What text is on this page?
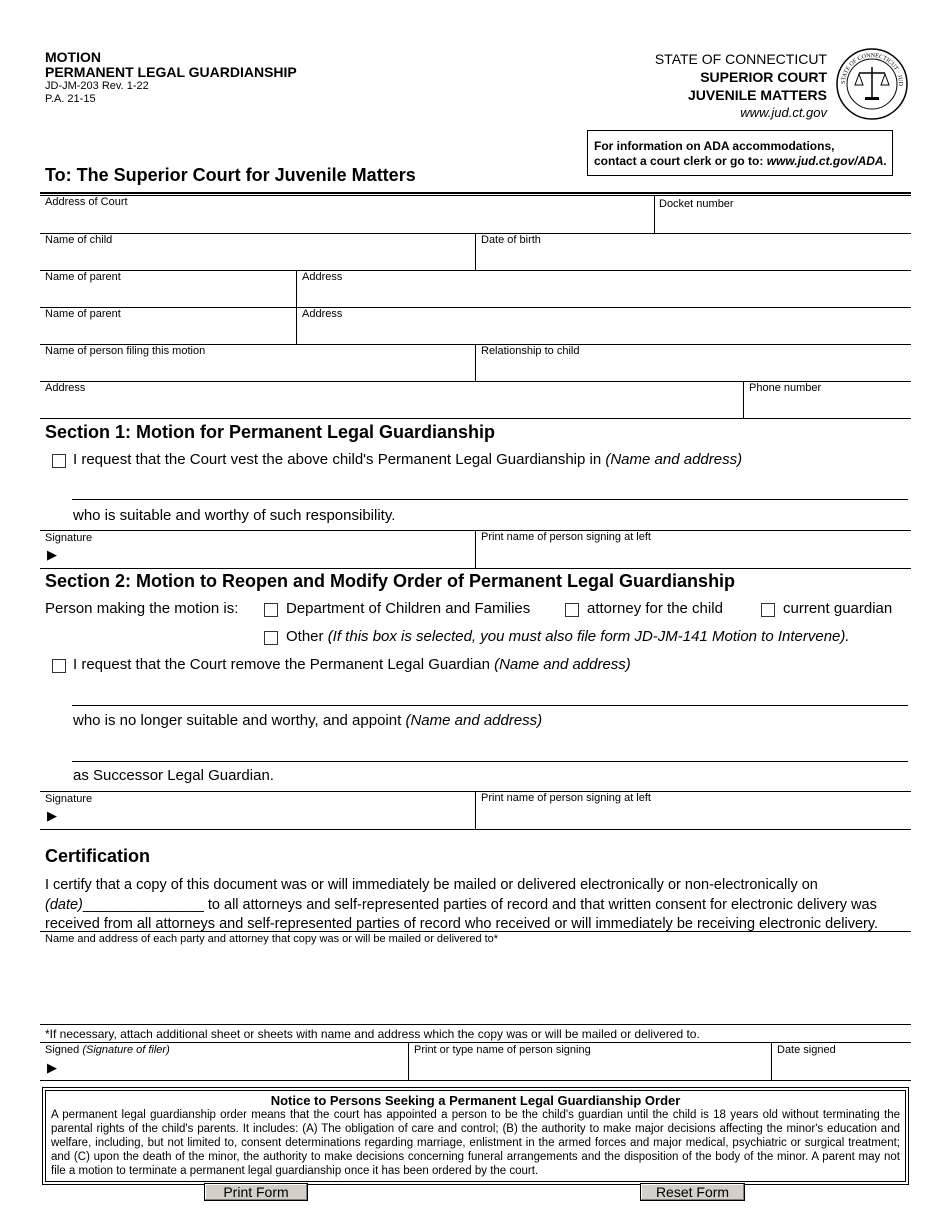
MOTION
PERMANENT LEGAL GUARDIANSHIP
JD-JM-203 Rev. 1-22
P.A. 21-15
STATE OF CONNECTICUT
SUPERIOR COURT
JUVENILE MATTERS
www.jud.ct.gov
STATE OF CONNECTICUT · JUD
For information on ADA accommodations,
contact a court clerk or go to: www.jud.ct.gov/ADA.
To: The Superior Court for Juvenile Matters
Address of Court	Docket number
Name of child	Date of birth
Name of parent	Address
Name of parent	Address
Name of person filing this motion	Relationship to child
Address	Phone number
Section 1: Motion for Permanent Legal Guardianship
I request that the Court vest the above child's Permanent Legal Guardianship in (Name and address)
who is suitable and worthy of such responsibility.
Signature
▶
Print name of person signing at left
Section 2: Motion to Reopen and Modify Order of Permanent Legal Guardianship
Person making the motion is:	Department of Children and Families	attorney for the child	current guardian
Other (If this box is selected, you must also file form JD-JM-141 Motion to Intervene).
I request that the Court remove the Permanent Legal Guardian (Name and address)
who is no longer suitable and worthy, and appoint (Name and address)
as Successor Legal Guardian.
Signature
▶
Print name of person signing at left
Certification
I certify that a copy of this document was or will immediately be mailed or delivered electronically or non-electronically on
(date)_______________ to all attorneys and self-represented parties of record and that written consent for electronic delivery was
received from all attorneys and self-represented parties of record who received or will immediately be receiving electronic delivery.
Name and address of each party and attorney that copy was or will be mailed or delivered to*
*If necessary, attach additional sheet or sheets with name and address which the copy was or will be mailed or delivered to.
Signed (Signature of filer)
▶
Print or type name of person signing	Date signed
Notice to Persons Seeking a Permanent Legal Guardianship Order
A permanent legal guardianship order means that the court has appointed a person to be the child's guardian until the child is 18 years old without terminating the parental rights of the child's parents. It includes: (A) The obligation of care and control; (B) the authority to make major decisions affecting the minor's education and welfare, including, but not limited to, consent determinations regarding marriage, enlistment in the armed forces and major medical, psychiatric or surgical treatment; and (C) upon the death of the minor, the authority to make decisions concerning funeral arrangements and the disposition of the body of the minor. A parent may not file a motion to terminate a permanent legal guardianship once it has been ordered by the court.
Print Form	Reset Form
